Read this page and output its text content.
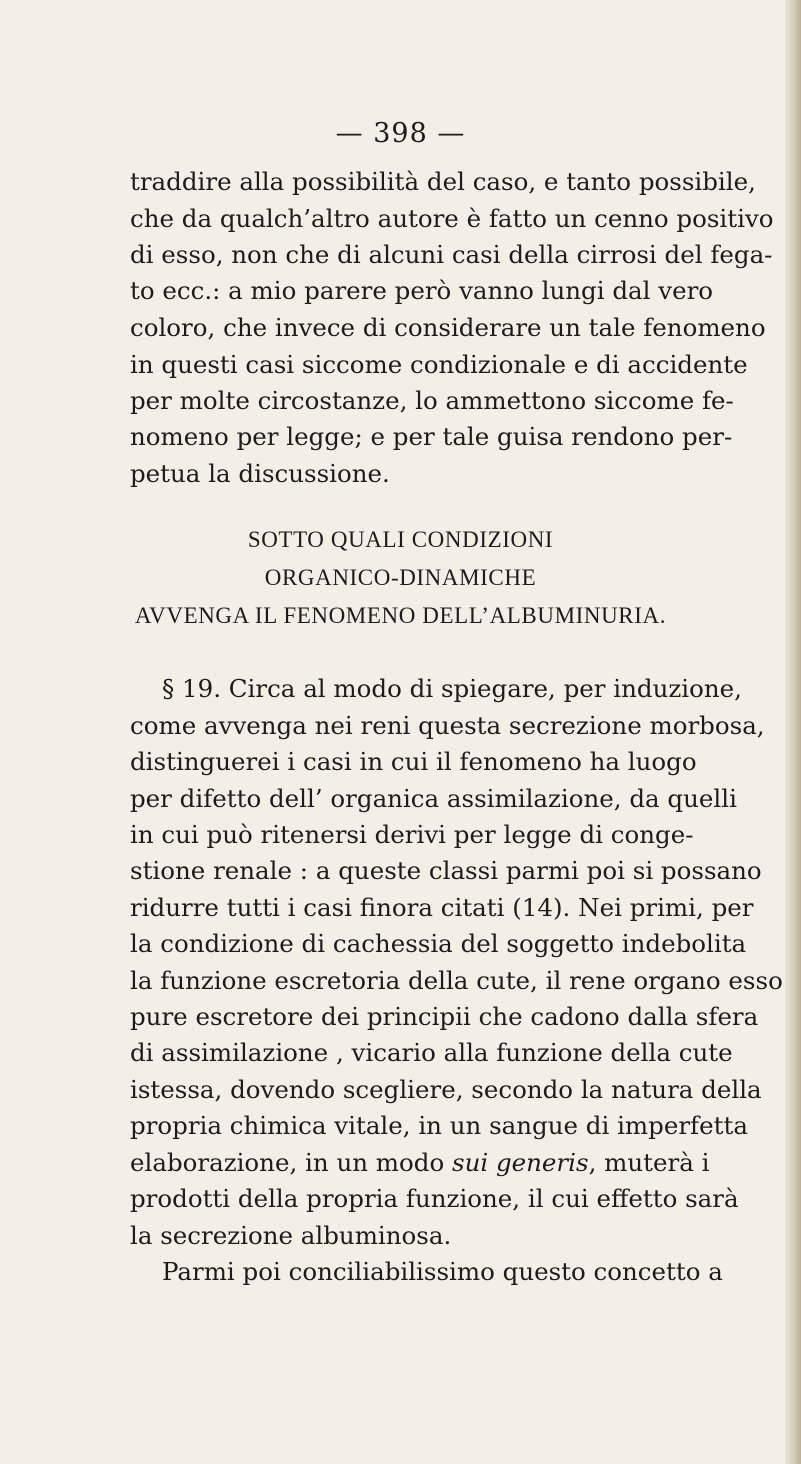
— 398 —
traddire alla possibilità del caso, e tanto possibile,
che da qualch’altro autore è fatto un cenno positivo
di esso, non che di alcuni casi della cirrosi del fega-
to ecc.: a mio parere però vanno lungi dal vero
coloro, che invece di considerare un tale fenomeno
in questi casi siccome condizionale e di accidente
per molte circostanze, lo ammettono siccome fe-
nomeno per legge; e per tale guisa rendono per-
petua la discussione.
SOTTO QUALI CONDIZIONI
ORGANICO-DINAMICHE
AVVENGA IL FENOMENO DELL’ALBUMINURIA.
§ 19. Circa al modo di spiegare, per induzione,
come avvenga nei reni questa secrezione morbosa,
distinguerei i casi in cui il fenomeno ha luogo
per difetto dell’ organica assimilazione, da quelli
in cui può ritenersi derivi per legge di conge-
stione renale : a queste classi parmi poi si possano
ridurre tutti i casi finora citati (14). Nei primi, per
la condizione di cachessia del soggetto indebolita
la funzione escretoria della cute, il rene organo esso
pure escretore dei principii che cadono dalla sfera
di assimilazione , vicario alla funzione della cute
istessa, dovendo scegliere, secondo la natura della
propria chimica vitale, in un sangue di imperfetta
elaborazione, in un modo sui generis, muterà i
prodotti della propria funzione, il cui effetto sarà
la secrezione albuminosa.
Parmi poi conciliabilissimo questo concetto a
